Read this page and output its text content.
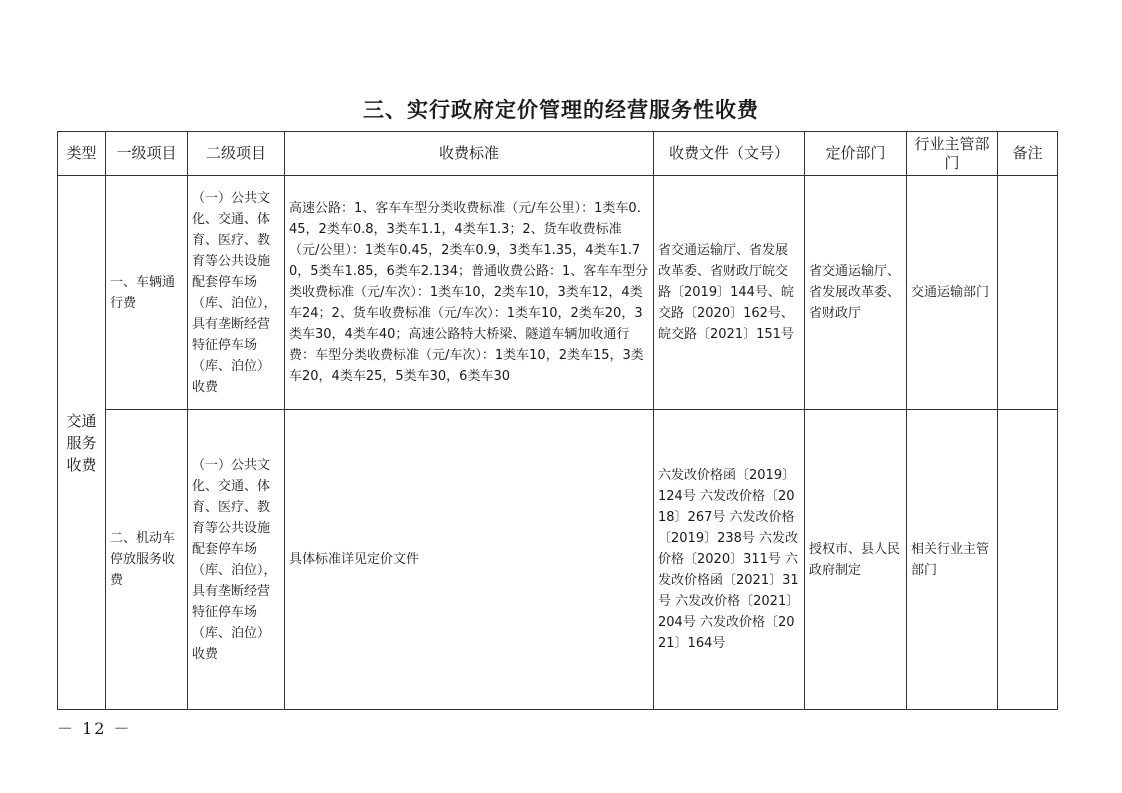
三、实行政府定价管理的经营服务性收费
类型	一级项目	二级项目	收费标准	收费文件（文号）	定价部门	行业主管部门	备注
交通服务收费	一、车辆通行费	（一）公共文化、交通、体育、医疗、教育等公共设施配套停车场（库、泊位），具有垄断经营特征停车场（库、泊位）收费	高速公路：1、客车车型分类收费标准（元/车公里）：1类车0.45，2类车0.8，3类车1.1，4类车1.3；2、货车收费标准（元/公里）：1类车0.45，2类车0.9，3类车1.35，4类车1.70，5类车1.85，6类车2.134；普通收费公路：1、客车车型分类收费标准（元/车次）：1类车10，2类车10，3类车12，4类车24；2、货车收费标准（元/车次）：1类车10，2类车20，3类车30，4类车40；高速公路特大桥梁、隧道车辆加收通行费：车型分类收费标准（元/车次）：1类车10，2类车15，3类车20，4类车25，5类车30，6类车30	省交通运输厅、省发展改革委、省财政厅皖交路〔2019〕144号、皖交路〔2020〕162号、皖交路〔2021〕151号	省交通运输厅、省发展改革委、省财政厅	交通运输部门	
	二、机动车停放服务收费	（一）公共文化、交通、体育、医疗、教育等公共设施配套停车场（库、泊位），具有垄断经营特征停车场（库、泊位）收费	具体标准详见定价文件	六发改价格函〔2019〕124号 六发改价格〔2018〕267号 六发改价格〔2019〕238号 六发改价格〔2020〕311号 六发改价格函〔2021〕31号 六发改价格〔2021〕204号 六发改价格〔2021〕164号	授权市、县人民政府制定	相关行业主管部门	
－ 12 －
